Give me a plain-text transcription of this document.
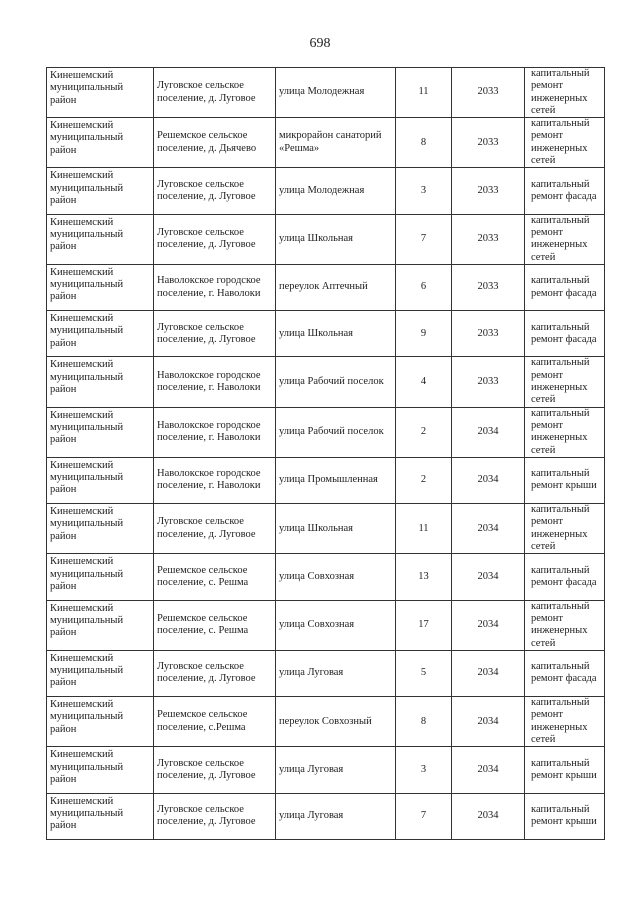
698
Кинешемский муниципальный район	Луговское сельское поселение, д. Луговое	улица Молодежная	11	2033	капитальный ремонт инженерных сетей
Кинешемский муниципальный район	Решемское сельское поселение, д. Дьячево	микрорайон санаторий «Решма»	8	2033	капитальный ремонт инженерных сетей
Кинешемский муниципальный район	Луговское сельское поселение, д. Луговое	улица Молодежная	3	2033	капитальный ремонт фасада
Кинешемский муниципальный район	Луговское сельское поселение, д. Луговое	улица Школьная	7	2033	капитальный ремонт инженерных сетей
Кинешемский муниципальный район	Наволокское городское поселение, г. Наволоки	переулок Аптечный	6	2033	капитальный ремонт фасада
Кинешемский муниципальный район	Луговское сельское поселение, д. Луговое	улица Школьная	9	2033	капитальный ремонт фасада
Кинешемский муниципальный район	Наволокское городское поселение, г. Наволоки	улица Рабочий поселок	4	2033	капитальный ремонт инженерных сетей
Кинешемский муниципальный район	Наволокское городское поселение, г. Наволоки	улица Рабочий поселок	2	2034	капитальный ремонт инженерных сетей
Кинешемский муниципальный район	Наволокское городское поселение, г. Наволоки	улица Промышленная	2	2034	капитальный ремонт крыши
Кинешемский муниципальный район	Луговское сельское поселение, д. Луговое	улица Школьная	11	2034	капитальный ремонт инженерных сетей
Кинешемский муниципальный район	Решемское сельское поселение, с. Решма	улица Совхозная	13	2034	капитальный ремонт фасада
Кинешемский муниципальный район	Решемское сельское поселение, с. Решма	улица Совхозная	17	2034	капитальный ремонт инженерных сетей
Кинешемский муниципальный район	Луговское сельское поселение, д. Луговое	улица Луговая	5	2034	капитальный ремонт фасада
Кинешемский муниципальный район	Решемское сельское поселение, с.Решма	переулок Совхозный	8	2034	капитальный ремонт инженерных сетей
Кинешемский муниципальный район	Луговское сельское поселение, д. Луговое	улица Луговая	3	2034	капитальный ремонт крыши
Кинешемский муниципальный район	Луговское сельское поселение, д. Луговое	улица Луговая	7	2034	капитальный ремонт крыши
